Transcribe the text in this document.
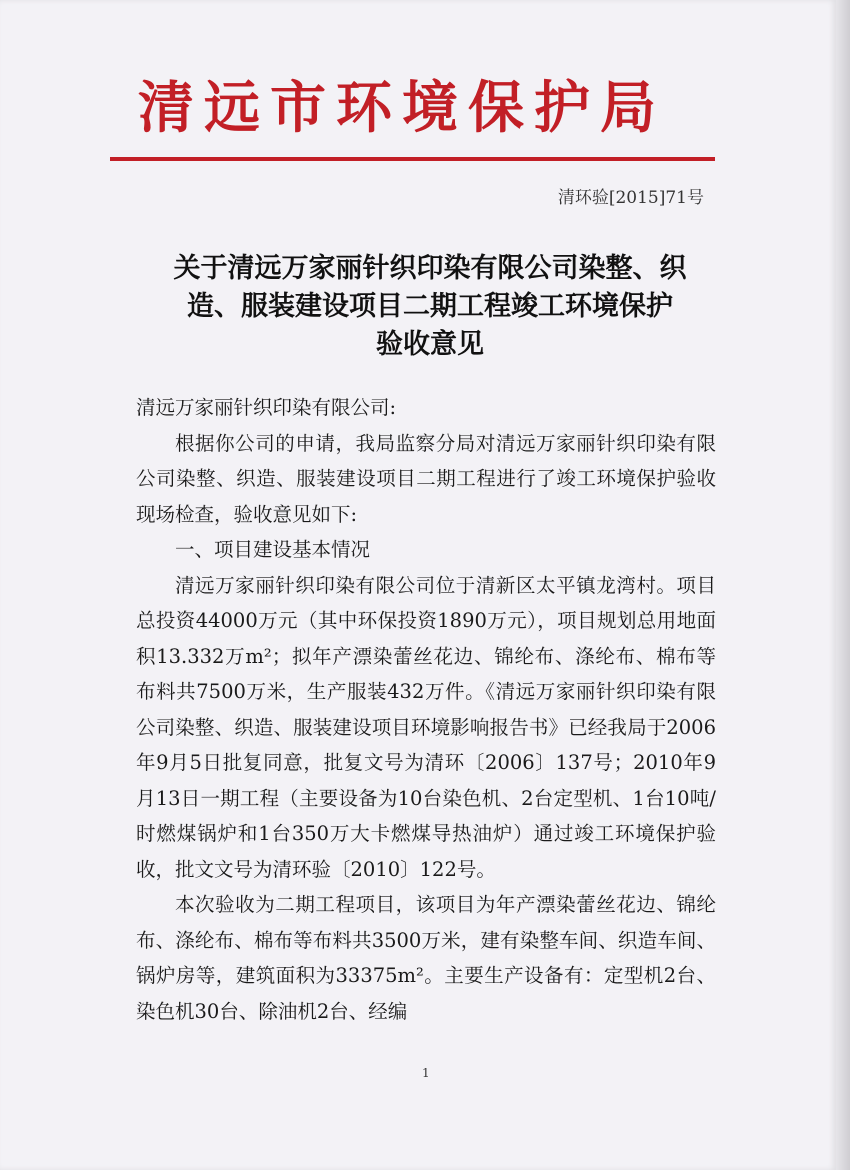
清远市环境保护局
清环验[2015]71号
关于清远万家丽针织印染有限公司染整、织
造、服装建设项目二期工程竣工环境保护
验收意见

清远万家丽针织印染有限公司:

根据你公司的申请，我局监察分局对清远万家丽针织印染有限公司染整、织造、服装建设项目二期工程进行了竣工环境保护验收现场检查，验收意见如下:

一、项目建设基本情况

清远万家丽针织印染有限公司位于清新区太平镇龙湾村。项目总投资44000万元（其中环保投资1890万元），项目规划总用地面积13.332万m²；拟年产漂染蕾丝花边、锦纶布、涤纶布、棉布等布料共7500万米，生产服装432万件。《清远万家丽针织印染有限公司染整、织造、服装建设项目环境影响报告书》已经我局于2006年9月5日批复同意，批复文号为清环〔2006〕137号；2010年9月13日一期工程（主要设备为10台染色机、2台定型机、1台10吨/时燃煤锅炉和1台350万大卡燃煤导热油炉）通过竣工环境保护验收，批文文号为清环验〔2010〕122号。

本次验收为二期工程项目，该项目为年产漂染蕾丝花边、锦纶布、涤纶布、棉布等布料共3500万米，建有染整车间、织造车间、锅炉房等，建筑面积为33375m²。主要生产设备有：定型机2台、染色机30台、除油机2台、经编

1
